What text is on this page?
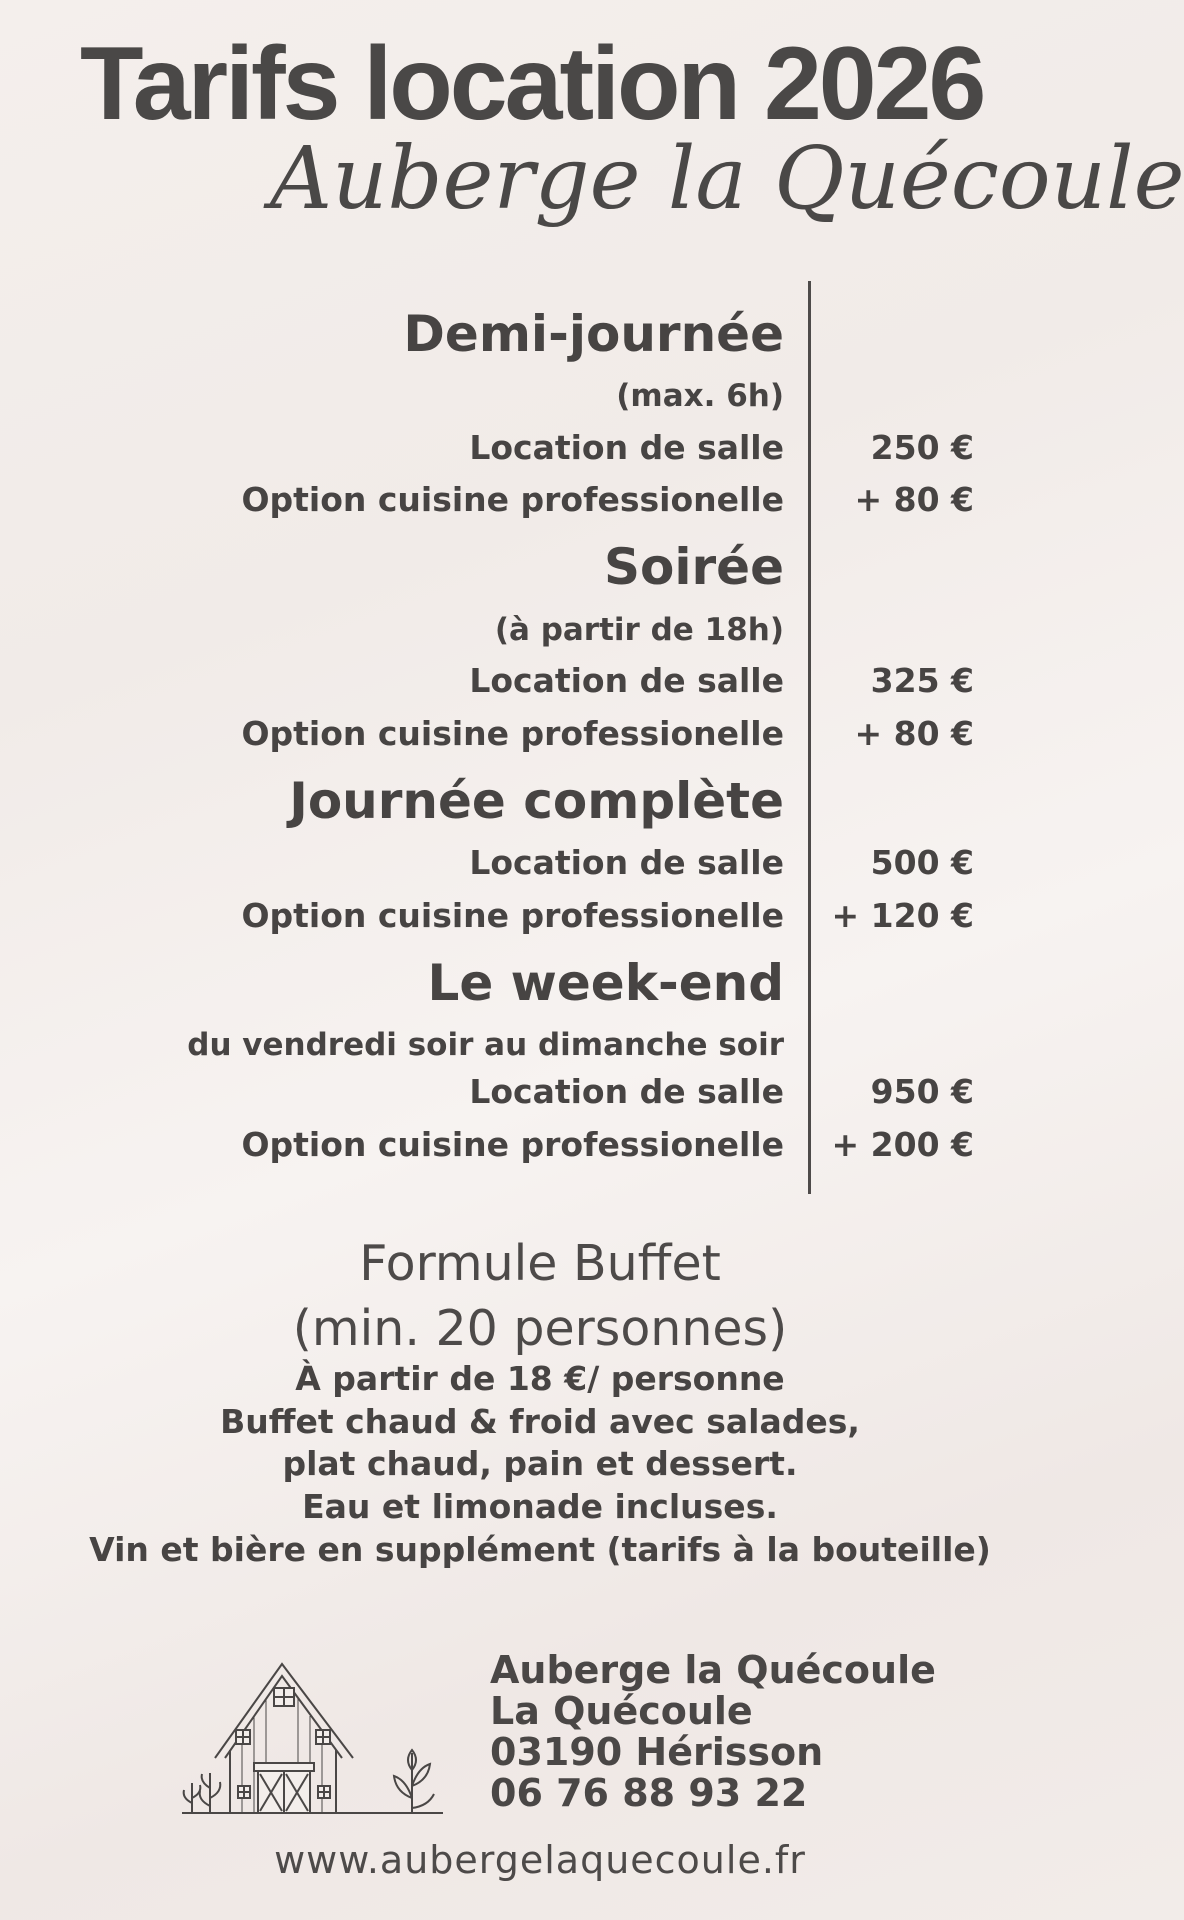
Tarifs location 2026
Auberge la Quécoule
Demi-journée
(max. 6h)
Location de salle	250 €
Option cuisine professionelle + 80 €
Soirée
(à partir de 18h)
Location de salle	325 €
Option cuisine professionelle + 80 €
Journée complète
Location de salle	500 €
Option cuisine professionelle + 120 €
Le week-end
du vendredi soir au dimanche soir
Location de salle	950 €
Option cuisine professionelle + 200 €
Formule Buffet
(min. 20 personnes)
À partir de 18 €/ personne
Buffet chaud & froid avec salades,
plat chaud, pain et dessert.
Eau et limonade incluses.
Vin et bière en supplément (tarifs à la bouteille)
Auberge la Quécoule
La Quécoule
03190 Hérisson
06 76 88 93 22
www.aubergelaquecoule.fr
